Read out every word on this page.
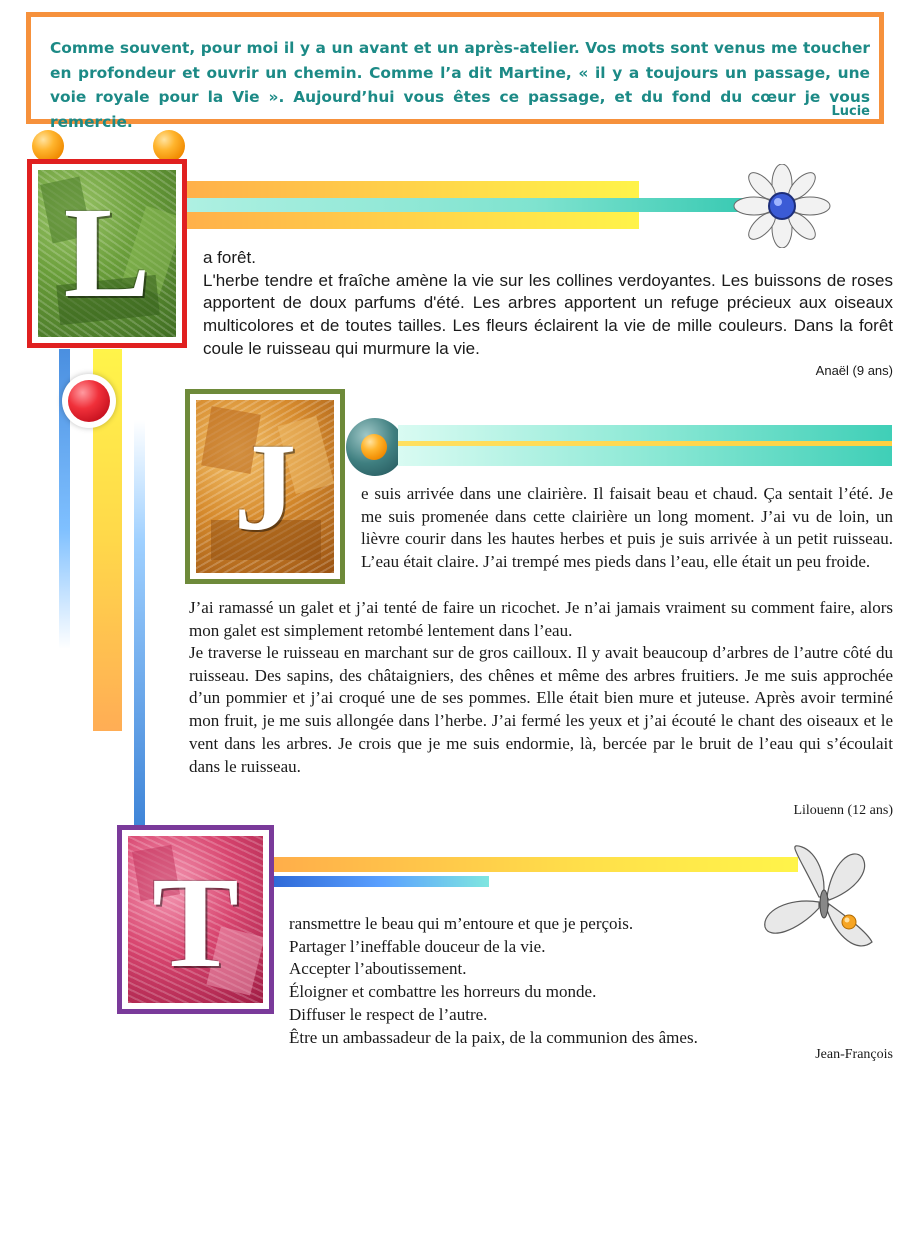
Comme souvent, pour moi il y a un avant et un après-atelier. Vos mots sont venus me toucher en profondeur et ouvrir un chemin. Comme l’a dit Martine, « il y a toujours un passage, une voie royale pour la Vie ». Aujourd’hui vous êtes ce passage, et du fond du cœur je vous remercie.
Lucie
L	a forêt.
L'herbe tendre et fraîche amène la vie sur les collines verdoyantes. Les buissons de roses apportent de doux parfums d'été. Les arbres apportent un refuge précieux aux oiseaux multicolores et de toutes tailles. Les fleurs éclairent la vie de mille couleurs. Dans la forêt coule le ruisseau qui murmure la vie.
Anaël (9 ans)
J	e suis arrivée dans une clairière. Il faisait beau et chaud. Ça sentait l’été. Je me suis promenée dans cette clairière un long moment. J’ai vu de loin, un lièvre courir dans les hautes herbes et puis je suis arrivée à un petit ruisseau. L’eau était claire. J’ai trempé mes pieds dans l’eau, elle était un peu froide.
J’ai ramassé un galet et j’ai tenté de faire un ricochet. Je n’ai jamais vraiment su comment faire, alors mon galet est simplement retombé lentement dans l’eau.
Je traverse le ruisseau en marchant sur de gros cailloux. Il y avait beaucoup d’arbres de l’autre côté du ruisseau. Des sapins, des châtaigniers, des chênes et même des arbres fruitiers. Je me suis approchée d’un pommier et j’ai croqué une de ses pommes. Elle était bien mure et juteuse. Après avoir terminé mon fruit, je me suis allongée dans l’herbe. J’ai fermé les yeux et j’ai écouté le chant des oiseaux et le vent dans les arbres. Je crois que je me suis endormie, là, bercée par le bruit de l’eau qui s’écoulait dans le ruisseau.
Lilouenn (12 ans)
T	ransmettre le beau qui m’entoure et que je perçois.
Partager l’ineffable douceur de la vie.
Accepter l’aboutissement.
Éloigner et combattre les horreurs du monde.
Diffuser le respect de l’autre.
Être un ambassadeur de la paix, de la communion des âmes.
Jean-François
